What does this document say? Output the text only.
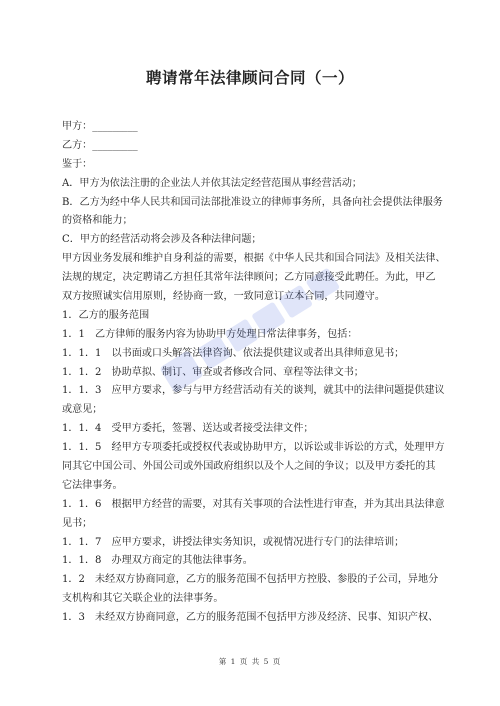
聘请常年法律顾问合同（一）
甲方：_________
乙方：_________
鉴于：
A．甲方为依法注册的企业法人并依其法定经营范围从事经营活动；
B．乙方为经中华人民共和国司法部批准设立的律师事务所，具备向社会提供法律服务
的资格和能力；
C．甲方的经营活动将会涉及各种法律问题；
甲方因业务发展和维护自身利益的需要，根据《中华人民共和国合同法》及相关法律、
法规的规定，决定聘请乙方担任其常年法律顾问；乙方同意接受此聘任。为此，甲乙
双方按照诚实信用原则，经协商一致，一致同意订立本合同，共同遵守。
1．乙方的服务范围
1．1　乙方律师的服务内容为协助甲方处理日常法律事务，包括：
1．1．1　以书面或口头解答法律咨询、依法提供建议或者出具律师意见书；
1．1．2　协助草拟、制订、审查或者修改合同、章程等法律文书；
1．1．3　应甲方要求，参与与甲方经营活动有关的谈判，就其中的法律问题提供建议
或意见；
1．1．4　受甲方委托，签署、送达或者接受法律文件；
1．1．5　经甲方专项委托或授权代表或协助甲方，以诉讼或非诉讼的方式，处理甲方
同其它中国公司、外国公司或外国政府组织以及个人之间的争议；以及甲方委托的其
它法律事务。
1．1．6　根据甲方经营的需要，对其有关事项的合法性进行审查，并为其出具法律意
见书；
1．1．7　应甲方要求，讲授法律实务知识，或视情况进行专门的法律培训；
1．1．8　办理双方商定的其他法律事务。
1．2　未经双方协商同意，乙方的服务范围不包括甲方控股、参股的子公司，异地分
支机构和其它关联企业的法律事务。
1．3　未经双方协商同意，乙方的服务范围不包括甲方涉及经济、民事、知识产权、
第 1 页 共 5 页
